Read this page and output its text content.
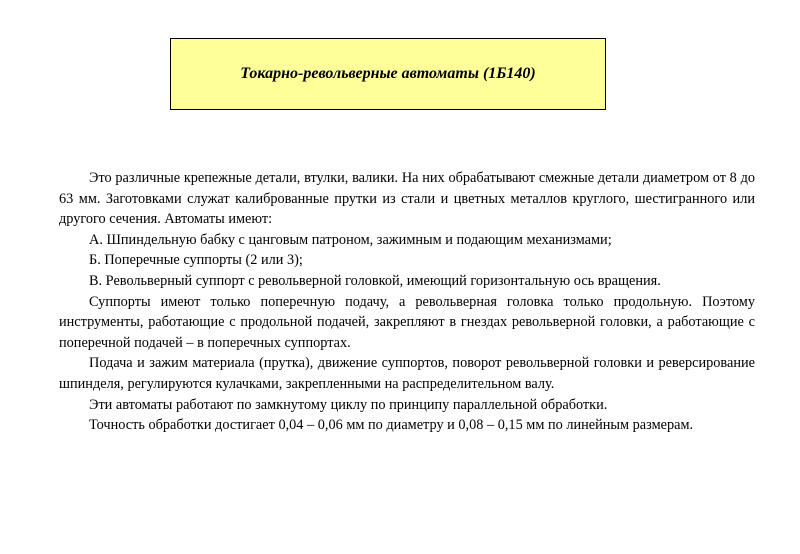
Токарно-револьверные автоматы (1Б140)

Это различные крепежные детали, втулки, валики. На них обрабатывают смежные детали диаметром от 8 до 63 мм. Заготовками служат калиброванные прутки из стали и цветных металлов круглого, шестигранного или другого сечения. Автоматы имеют:

А. Шпиндельную бабку с цанговым патроном, зажимным и подающим механизмами;

Б. Поперечные суппорты (2 или 3);

В. Револьверный суппорт с револьверной головкой, имеющий горизонтальную ось вращения.

Суппорты имеют только поперечную подачу, а револьверная головка только продольную. Поэтому инструменты, работающие с продольной подачей, закрепляют в гнездах револьверной головки, а работающие с поперечной подачей – в поперечных суппортах.

Подача и зажим материала (прутка), движение суппортов, поворот револьверной головки и реверсирование шпинделя, регулируются кулачками, закрепленными на распределительном валу.

Эти автоматы работают по замкнутому циклу по принципу параллельной обработки.

Точность обработки достигает 0,04 – 0,06 мм по диаметру и 0,08 – 0,15 мм по линейным размерам.
